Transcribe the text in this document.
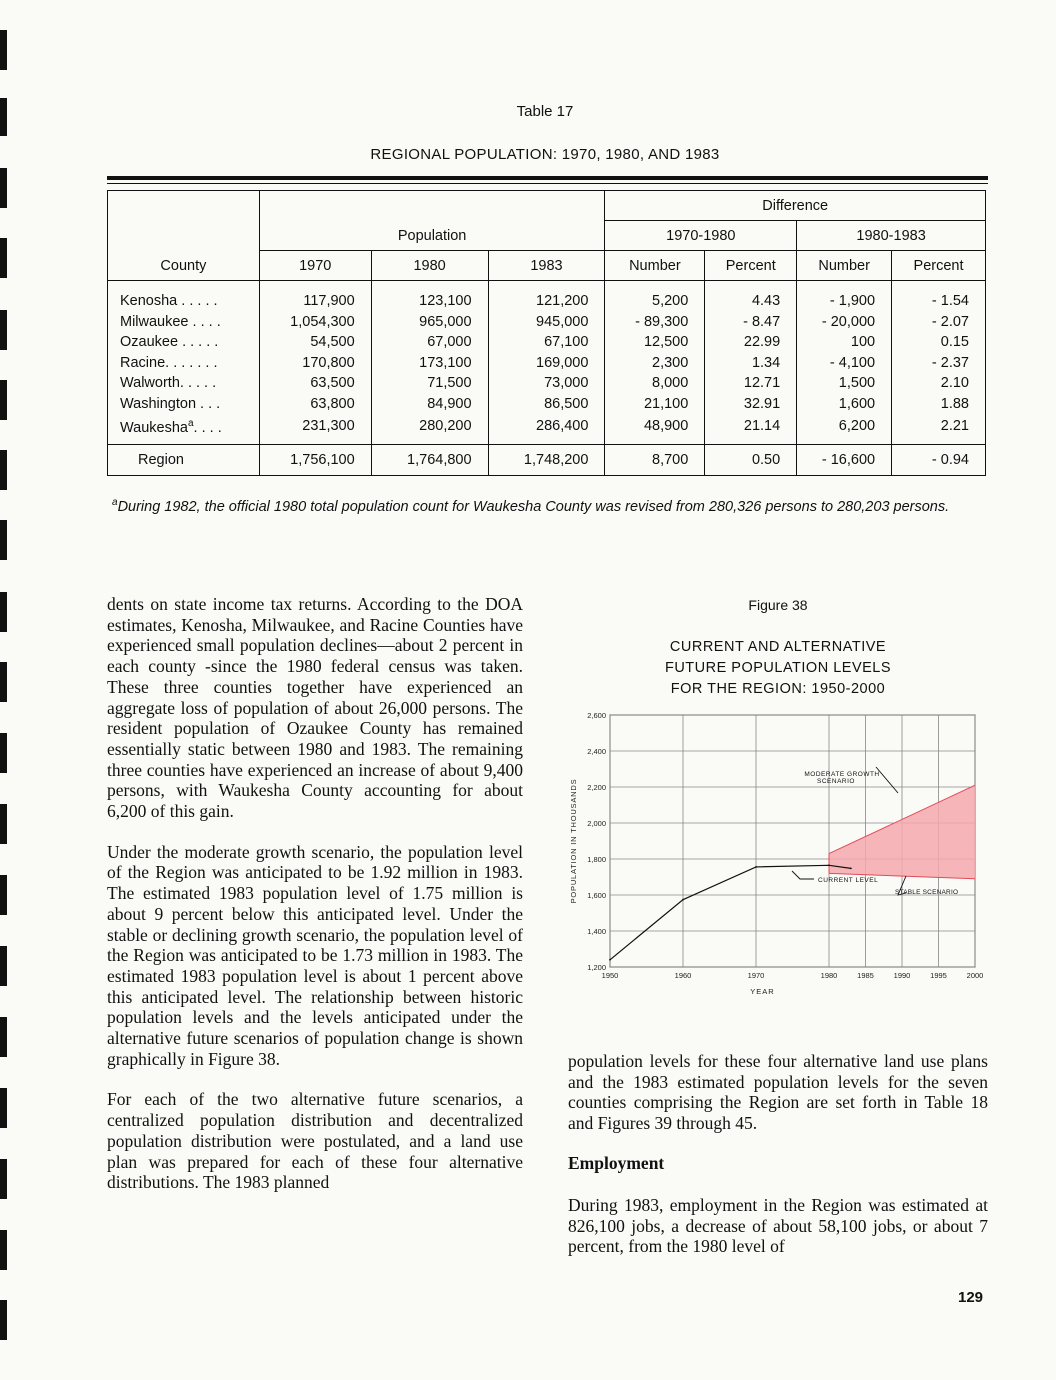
Table 17
REGIONAL POPULATION: 1970, 1980, AND 1983
County	Population			Difference			
				1970-1980		1980-1983	
	1970	1980	1983	Number	Percent	Number	Percent

Kenosha . . . . .	117,900	123,100	121,200	5,200	4.43	- 1,900	- 1.54
Milwaukee . . . .	1,054,300	965,000	945,000	- 89,300	- 8.47	- 20,000	- 2.07
Ozaukee . . . . .	54,500	67,000	67,100	12,500	22.99	100	0.15
Racine. . . . . . .	170,800	173,100	169,000	2,300	1.34	- 4,100	- 2.37
Walworth. . . . .	63,500	71,500	73,000	8,000	12.71	1,500	2.10
Washington . . .	63,800	84,900	86,500	21,100	32.91	1,600	1.88
Waukesha$^a$. . . .	231,300	280,200	286,400	48,900	21.14	6,200	2.21
Region	1,756,100	1,764,800	1,748,200	8,700	0.50	- 16,600	- 0.94
$^a$During 1982, the official 1980 total population count for Waukesha County was revised from 280,326 persons to 280,203 persons.

dents on state income tax returns. According to the DOA estimates, Kenosha, Milwaukee, and Racine Counties have experienced small population declines—about 2 percent in each county -since the 1980 federal census was taken. These three counties together have experienced an aggregate loss of population of about 26,000 persons. The resident population of Ozaukee County has remained essentially static between 1980 and 1983. The remaining three counties have experienced an increase of about 9,400 persons, with Waukesha County accounting for about 6,200 of this gain.

Under the moderate growth scenario, the population level of the Region was anticipated to be 1.92 million in 1983. The estimated 1983 population level of 1.75 million is about 9 percent below this anticipated level. Under the stable or declining growth scenario, the population level of the Region was anticipated to be 1.73 million in 1983. The estimated 1983 population level is about 1 percent above this anticipated level. The relationship between historic population levels and the levels anticipated under the alternative future scenarios of population change is shown graphically in Figure 38.

For each of the two alternative future scenarios, a centralized population distribution and decentralized population distribution were postulated, and a land use plan was prepared for each of these four alternative distributions. The 1983 planned

Figure 38
CURRENT AND ALTERNATIVE
FUTURE POPULATION LEVELS
FOR THE REGION: 1950-2000
1,200
1,400
1,600
1,800
2,000
2,200
2,400
2,600
1950	1960	1970	1980	1985	1990	1995	2000
YEAR
POPULATION IN THOUSANDS
MODERATE GROWTH
SCENARIO
CURRENT LEVEL
STABLE SCENARIO

population levels for these four alternative land use plans and the 1983 estimated population levels for the seven counties comprising the Region are set forth in Table 18 and Figures 39 through 45.

Employment

During 1983, employment in the Region was estimated at 826,100 jobs, a decrease of about 58,100 jobs, or about 7 percent, from the 1980 level of

129
